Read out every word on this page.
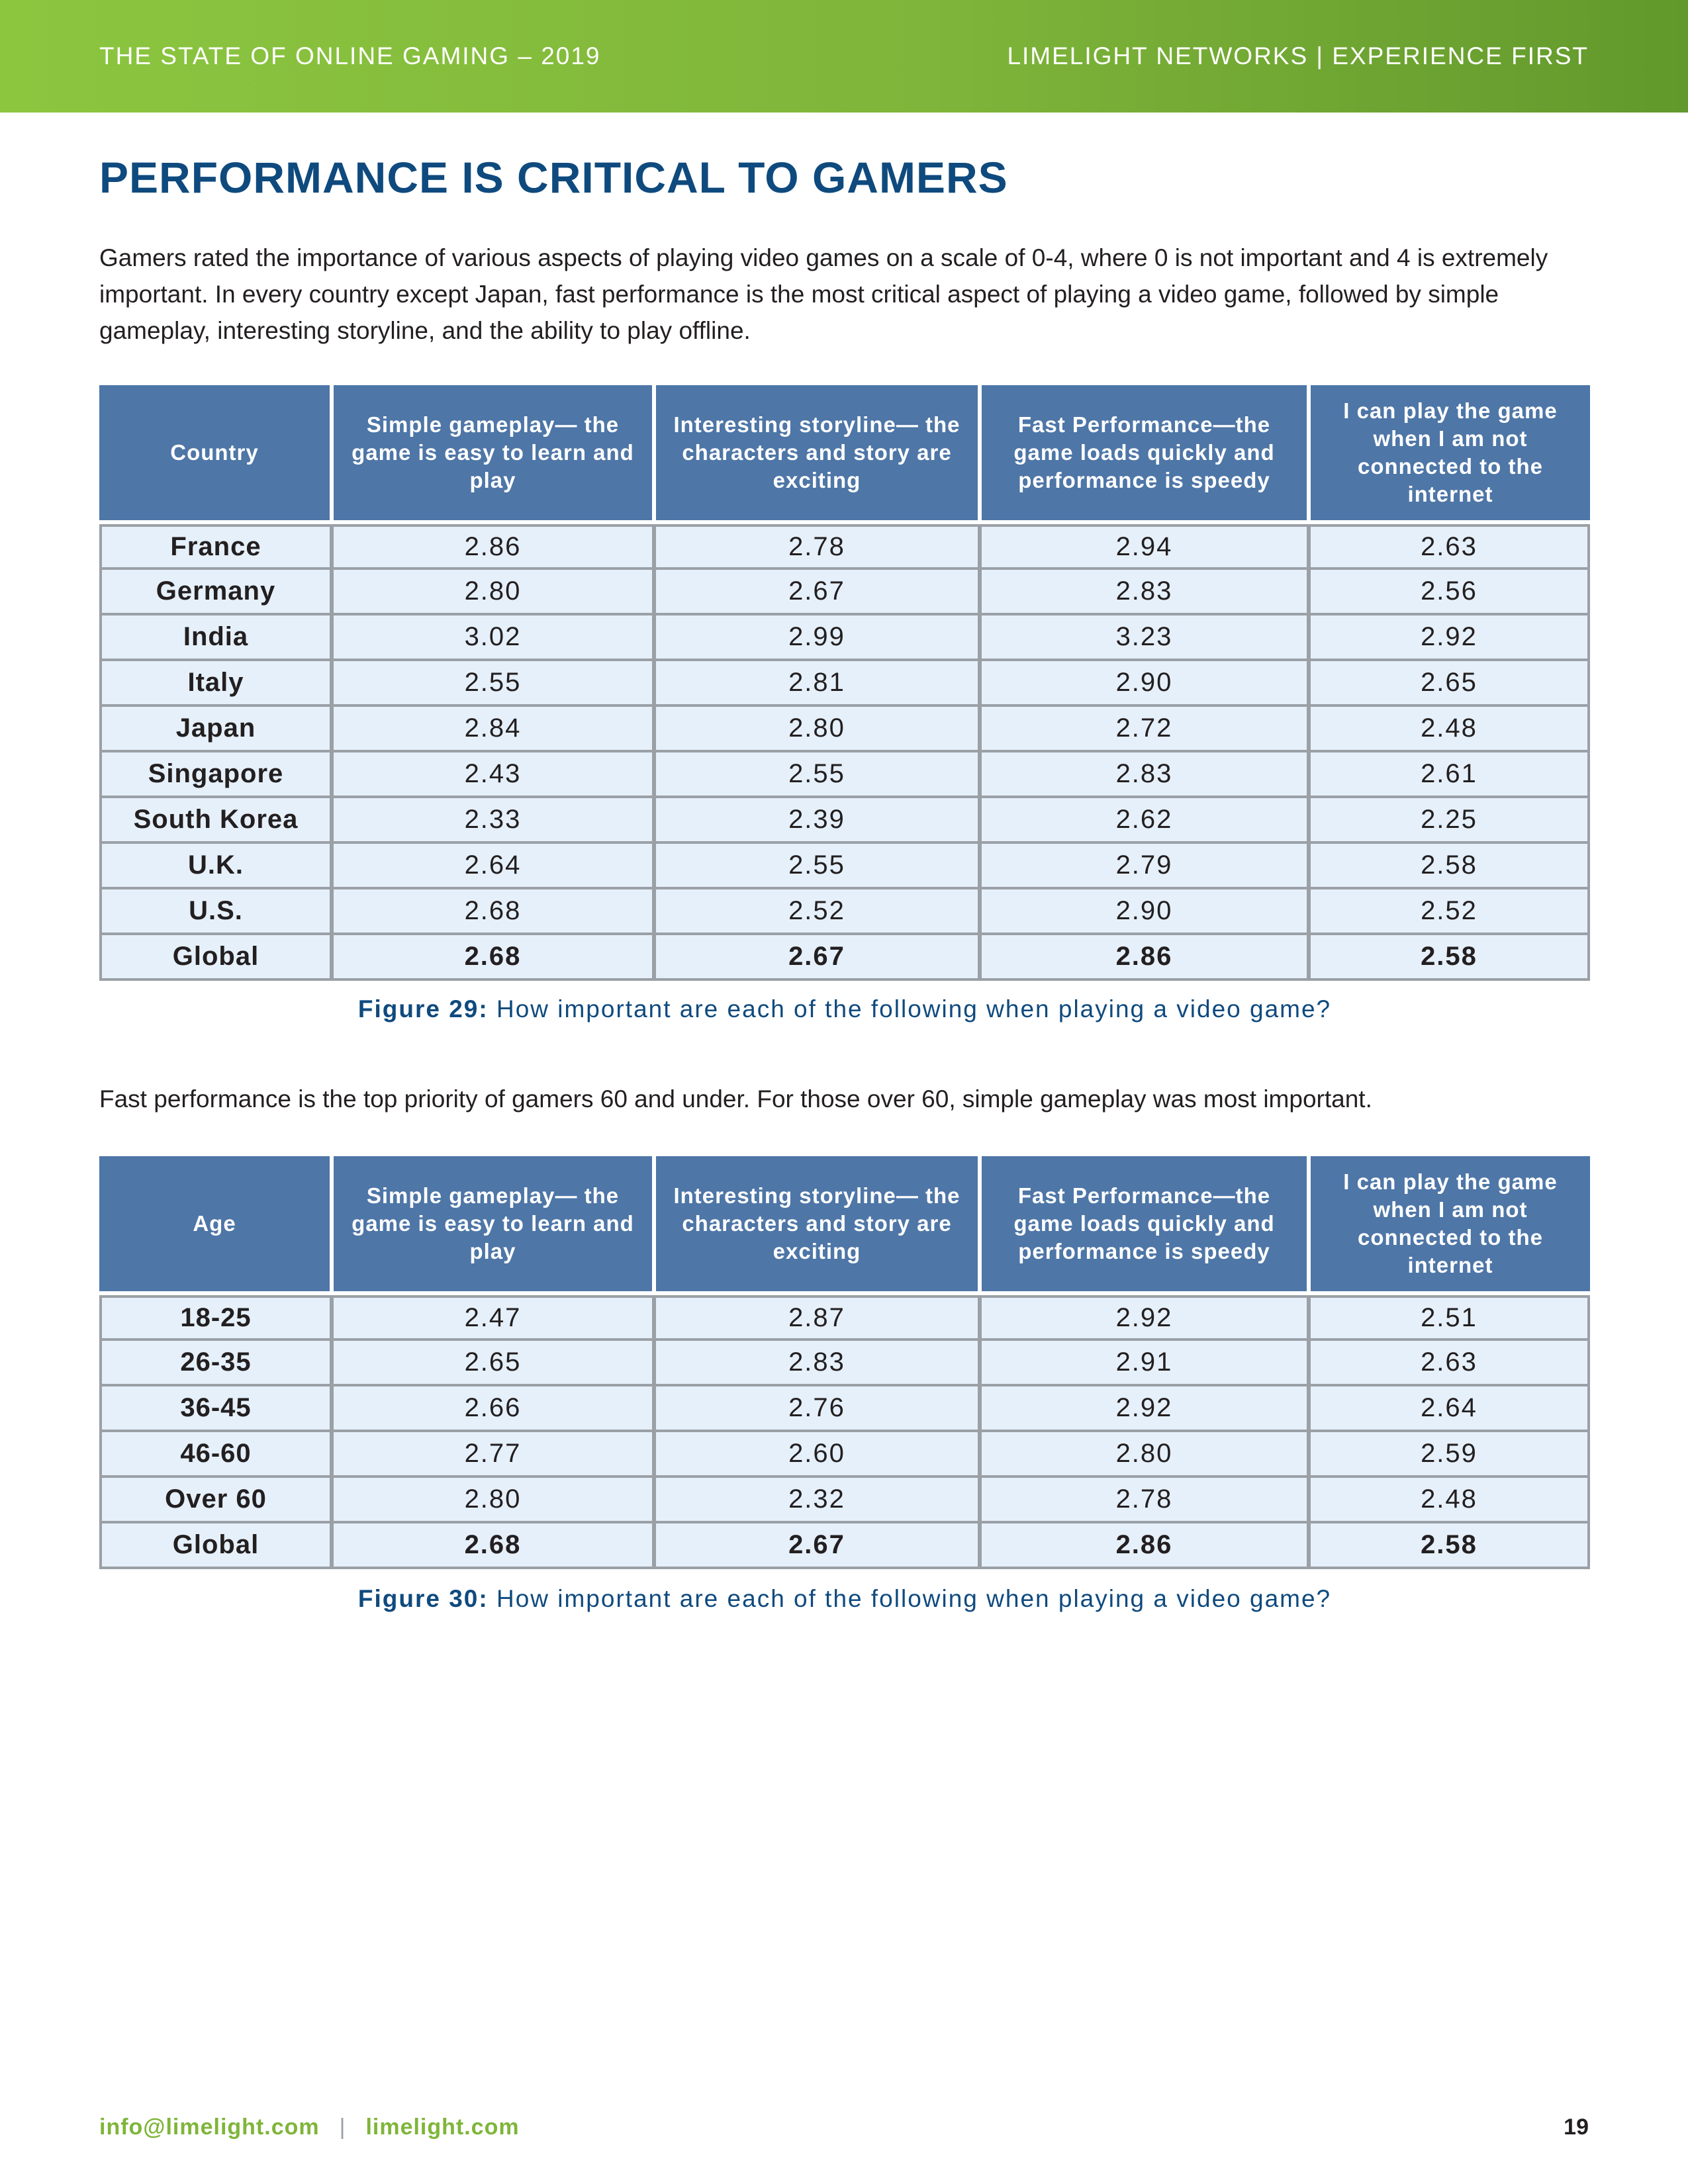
THE STATE OF ONLINE GAMING – 2019	LIMELIGHT NETWORKS | EXPERIENCE FIRST
PERFORMANCE IS CRITICAL TO GAMERS

Gamers rated the importance of various aspects of playing video games on a scale of 0-4, where 0 is not important and 4 is extremely important. In every country except Japan, fast performance is the most critical aspect of playing a video game, followed by simple gameplay, interesting storyline, and the ability to play offline.

Country	Simple gameplay— the game is easy to learn and play	Interesting storyline— the characters and story are exciting	Fast Performance—the game loads quickly and performance is speedy	I can play the game when I am not connected to the internet
France	2.86	2.78	2.94	2.63
Germany	2.80	2.67	2.83	2.56
India	3.02	2.99	3.23	2.92
Italy	2.55	2.81	2.90	2.65
Japan	2.84	2.80	2.72	2.48
Singapore	2.43	2.55	2.83	2.61
South Korea	2.33	2.39	2.62	2.25
U.K.	2.64	2.55	2.79	2.58
U.S.	2.68	2.52	2.90	2.52
Global	2.68	2.67	2.86	2.58

Figure 29: How important are each of the following when playing a video game?

Fast performance is the top priority of gamers 60 and under. For those over 60, simple gameplay was most important.

Age	Simple gameplay— the game is easy to learn and play	Interesting storyline— the characters and story are exciting	Fast Performance—the game loads quickly and performance is speedy	I can play the game when I am not connected to the internet
18-25	2.47	2.87	2.92	2.51
26-35	2.65	2.83	2.91	2.63
36-45	2.66	2.76	2.92	2.64
46-60	2.77	2.60	2.80	2.59
Over 60	2.80	2.32	2.78	2.48
Global	2.68	2.67	2.86	2.58

Figure 30: How important are each of the following when playing a video game?

info@limelight.com | limelight.com	19
